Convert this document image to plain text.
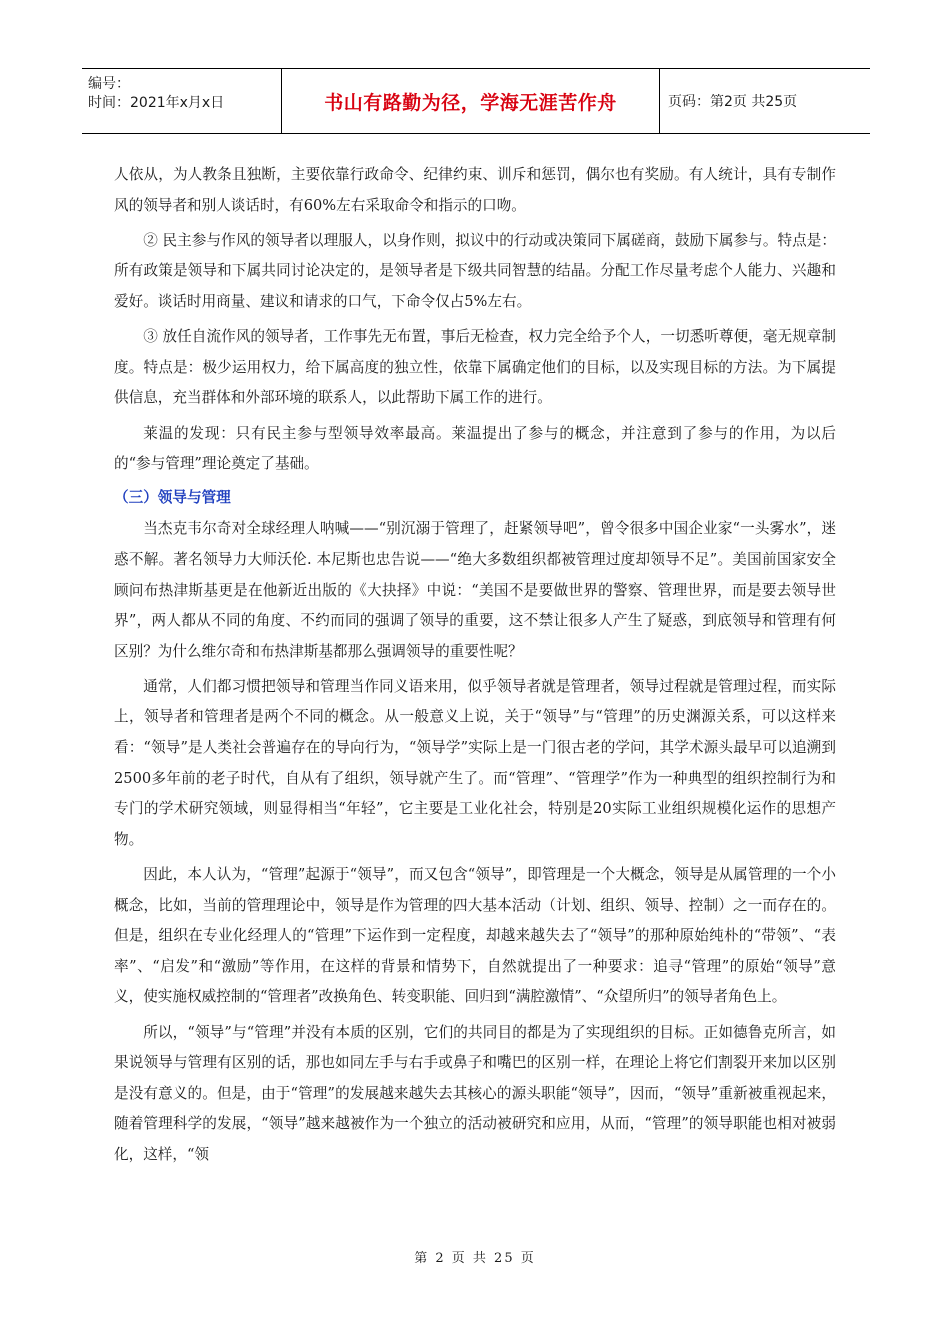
编号：
时间：2021年x月x日	书山有路勤为径，学海无涯苦作舟	页码：第2页 共25页

人依从，为人教条且独断，主要依靠行政命令、纪律约束、训斥和惩罚，偶尔也有奖励。有人统计，具有专制作风的领导者和别人谈话时，有60%左右采取命令和指示的口吻。

② 民主参与作风的领导者以理服人，以身作则，拟议中的行动或决策同下属磋商，鼓励下属参与。特点是：所有政策是领导和下属共同讨论决定的，是领导者是下级共同智慧的结晶。分配工作尽量考虑个人能力、兴趣和爱好。谈话时用商量、建议和请求的口气，下命令仅占5%左右。

③ 放任自流作风的领导者，工作事先无布置，事后无检查，权力完全给予个人，一切悉听尊便，毫无规章制度。特点是：极少运用权力，给下属高度的独立性，依靠下属确定他们的目标，以及实现目标的方法。为下属提供信息，充当群体和外部环境的联系人，以此帮助下属工作的进行。

莱温的发现：只有民主参与型领导效率最高。莱温提出了参与的概念，并注意到了参与的作用，为以后的“参与管理”理论奠定了基础。

（三）领导与管理

当杰克韦尔奇对全球经理人呐喊——“别沉溺于管理了，赶紧领导吧”，曾令很多中国企业家“一头雾水”，迷惑不解。著名领导力大师沃伦. 本尼斯也忠告说——“绝大多数组织都被管理过度却领导不足”。美国前国家安全顾问布热津斯基更是在他新近出版的《大抉择》中说：“美国不是要做世界的警察、管理世界，而是要去领导世界”，两人都从不同的角度、不约而同的强调了领导的重要，这不禁让很多人产生了疑惑，到底领导和管理有何区别？为什么维尔奇和布热津斯基都那么强调领导的重要性呢？

通常，人们都习惯把领导和管理当作同义语来用，似乎领导者就是管理者，领导过程就是管理过程，而实际上，领导者和管理者是两个不同的概念。从一般意义上说，关于“领导”与“管理”的历史渊源关系，可以这样来看：“领导”是人类社会普遍存在的导向行为，“领导学”实际上是一门很古老的学问，其学术源头最早可以追溯到2500多年前的老子时代，自从有了组织，领导就产生了。而“管理”、“管理学”作为一种典型的组织控制行为和专门的学术研究领域，则显得相当“年轻”，它主要是工业化社会，特别是20实际工业组织规模化运作的思想产物。

因此，本人认为，“管理”起源于“领导”，而又包含“领导”，即管理是一个大概念，领导是从属管理的一个小概念，比如，当前的管理理论中，领导是作为管理的四大基本活动（计划、组织、领导、控制）之一而存在的。但是，组织在专业化经理人的“管理”下运作到一定程度，却越来越失去了“领导”的那种原始纯朴的“带领”、“表率”、“启发”和“激励”等作用，在这样的背景和情势下，自然就提出了一种要求：追寻“管理”的原始“领导”意义，使实施权威控制的“管理者”改换角色、转变职能、回归到“满腔激情”、“众望所归”的领导者角色上。

所以，“领导”与“管理”并没有本质的区别，它们的共同目的都是为了实现组织的目标。正如德鲁克所言，如果说领导与管理有区别的话，那也如同左手与右手或鼻子和嘴巴的区别一样，在理论上将它们割裂开来加以区别是没有意义的。但是，由于“管理”的发展越来越失去其核心的源头职能“领导”，因而，“领导”重新被重视起来，随着管理科学的发展，“领导”越来越被作为一个独立的活动被研究和应用，从而，“管理”的领导职能也相对被弱化，这样，“领

第 2 页 共 25 页
